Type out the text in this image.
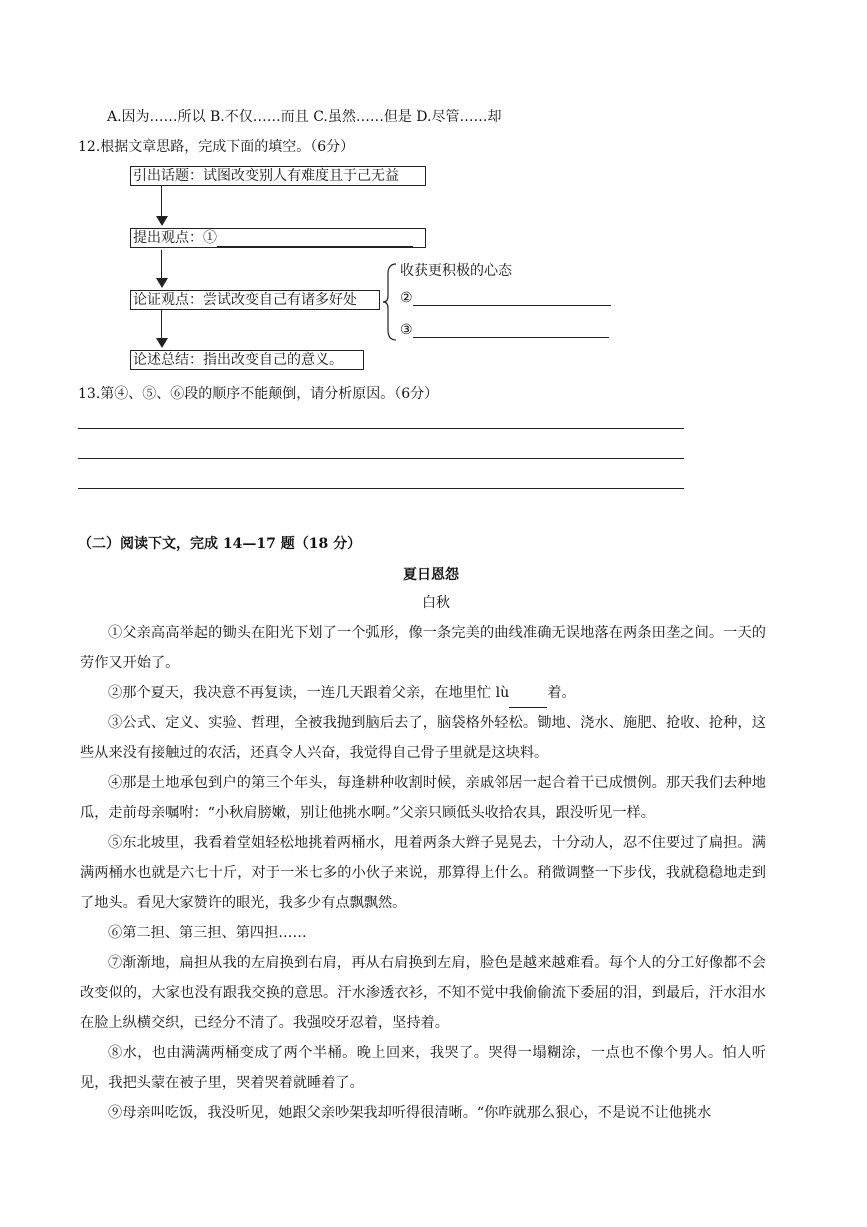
A.因为……所以 B.不仅……而且 C.虽然……但是 D.尽管……却
12.根据文章思路，完成下面的填空。（6分）
引出话题：试图改变别人有难度且于己无益
提出观点：①
论证观点：尝试改变自己有诸多好处
收获更积极的心态
②
③
论述总结：指出改变自己的意义。
13.第④、⑤、⑥段的顺序不能颠倒，请分析原因。（6分）
（二）阅读下文，完成 14—17 题（18 分）
夏日恩怨
白秋
①父亲高高举起的锄头在阳光下划了一个弧形，像一条完美的曲线准确无误地落在两条田垄之间。一天的劳作又开始了。
②那个夏天，我决意不再复读，一连几天跟着父亲，在地里忙 lù	着。
③公式、定义、实验、哲理，全被我抛到脑后去了，脑袋格外轻松。锄地、浇水、施肥、抢收、抢种，这些从来没有接触过的农活，还真令人兴奋，我觉得自己骨子里就是这块料。
④那是土地承包到户的第三个年头，每逢耕种收割时候，亲戚邻居一起合着干已成惯例。那天我们去种地瓜，走前母亲嘱咐：“小秋肩膀嫩，别让他挑水啊。”父亲只顾低头收拾农具，跟没听见一样。
⑤东北坡里，我看着堂姐轻松地挑着两桶水，甩着两条大辫子晃晃去，十分动人，忍不住要过了扁担。满满两桶水也就是六七十斤，对于一米七多的小伙子来说，那算得上什么。稍微调整一下步伐，我就稳稳地走到了地头。看见大家赞许的眼光，我多少有点飘飘然。
⑥第二担、第三担、第四担……
⑦渐渐地，扁担从我的左肩换到右肩，再从右肩换到左肩，脸色是越来越难看。每个人的分工好像都不会改变似的，大家也没有跟我交换的意思。汗水渗透衣衫，不知不觉中我偷偷流下委屈的泪，到最后，汗水泪水在脸上纵横交织，已经分不清了。我强咬牙忍着，坚持着。
⑧水，也由满满两桶变成了两个半桶。晚上回来，我哭了。哭得一塌糊涂，一点也不像个男人。怕人听见，我把头蒙在被子里，哭着哭着就睡着了。
⑨母亲叫吃饭，我没听见，她跟父亲吵架我却听得很清晰。“你咋就那么狠心，不是说不让他挑水
